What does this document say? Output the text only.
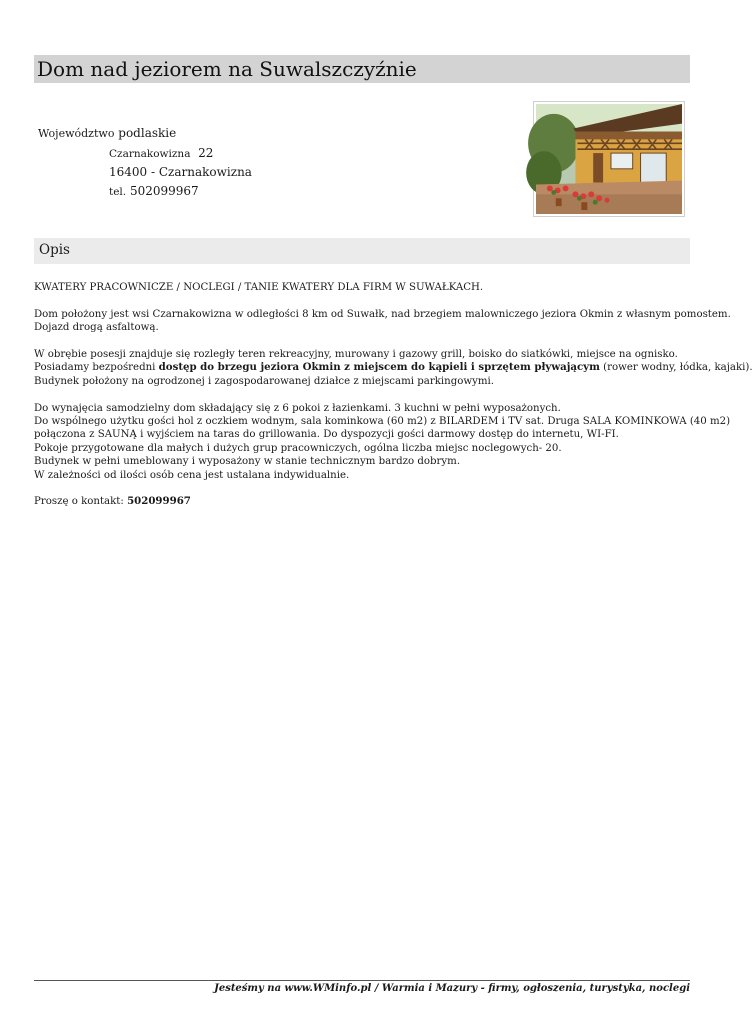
Dom nad jeziorem na Suwalszczyźnie
Województwo podlaskie
Czarnakowizna 22
16400 - Czarnakowizna
tel. 502099967
Opis

KWATERY PRACOWNICZE / NOCLEGI / TANIE KWATERY DLA FIRM W SUWAŁKACH.

Dom położony jest wsi Czarnakowizna w odległości 8 km od Suwałk, nad brzegiem malowniczego jeziora Okmin z własnym pomostem.
Dojazd drogą asfaltową.

W obrębie posesji znajduje się rozległy teren rekreacyjny, murowany i gazowy grill, boisko do siatkówki, miejsce na ognisko.
Posiadamy bezpośredni dostęp do brzegu jeziora Okmin z miejscem do kąpieli i sprzętem pływającym (rower wodny, łódka, kajaki).
Budynek położony na ogrodzonej i zagospodarowanej działce z miejscami parkingowymi.

Do wynajęcia samodzielny dom składający się z 6 pokoi z łazienkami. 3 kuchni w pełni wyposażonych.
Do wspólnego użytku gości hol z oczkiem wodnym, sala kominkowa (60 m2) z BILARDEM i TV sat. Druga SALA KOMINKOWA (40 m2)
połączona z SAUNĄ i wyjściem na taras do grillowania. Do dyspozycji gości darmowy dostęp do internetu, WI-FI.
Pokoje przygotowane dla małych i dużych grup pracowniczych, ogólna liczba miejsc noclegowych- 20.
Budynek w pełni umeblowany i wyposażony w stanie technicznym bardzo dobrym.
W zależności od ilości osób cena jest ustalana indywidualnie.

Proszę o kontakt: 502099967

Jesteśmy na www.WMinfo.pl / Warmia i Mazury - firmy, ogłoszenia, turystyka, noclegi
